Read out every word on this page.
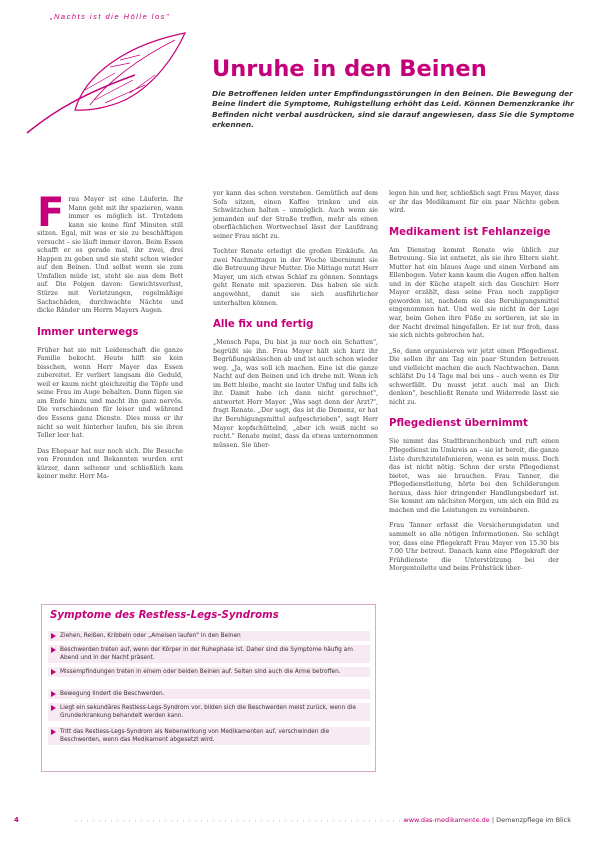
„Nachts ist die Hölle los"
Unruhe in den Beinen
Die Betroffenen leiden unter Empfindungsstörungen in den Beinen. Die Bewegung der Beine lindert die Symptome, Ruhigstellung erhöht das Leid. Können Demenzkranke ihr Befinden nicht verbal ausdrücken, sind sie darauf angewiesen, dass Sie die Symptome erkennen.

Frau Mayer ist eine Läuferin. Ihr Mann geht mit ihr spazieren, wann immer es möglich ist. Trotzdem kann sie keine fünf Minuten still sitzen. Egal, mit was er sie zu beschäftigen versucht – sie läuft immer davon. Beim Essen schafft er es gerade mal, ihr zwei, drei Happen zu geben und sie steht schon wieder auf den Beinen. Und selbst wenn sie zum Umfallen müde ist, steht sie aus dem Bett auf. Die Folgen davon: Gewichtsverlust, Stürze mit Verletzungen, regelmäßige Sachschäden, durchwachte Nächte und dicke Ränder um Herrn Mayers Augen.

Immer unterwegs

Früher hat sie mit Leidenschaft die ganze Familie bekocht. Heute hilft sie kein bisschen, wenn Herr Mayer das Essen zubereitet. Er verliert langsam die Geduld, weil er kaum nicht gleichzeitig die Töpfe und seine Frau im Auge behalten. Dann fügen sie am Ende hinzu und macht ihn ganz nervös. Die verschiedenen für leiser und während des Essens ganz Dienste. Dies muss er ihr nicht so weit hinterher laufen, bis sie ihren Teller leer hat.

Das Ehepaar hat nur noch sich. Die Besuche von Freunden und Bekannten wurden erst kürzer, dann seltener und schließlich kam keiner mehr. Herr Ma-

yer kann das schon verstehen. Gemütlich auf dem Sofa sitzen, einen Kaffee trinken und ein Schwätzchen halten – unmöglich. Auch wenn sie jemanden auf der Straße treffen, mehr als einen oberflächlichen Wortwechsel lässt der Laufdrang seiner Frau nicht zu.

Tochter Renate erledigt die großen Einkäufe. An zwei Nachmittagen in der Woche übernimmt sie die Betreuung ihrer Mutter. Die Mittage nutzt Herr Mayer, um sich etwas Schlaf zu gönnen. Sonntags geht Renate mit spazieren. Das haben sie sich angewöhnt, damit sie sich ausführlicher unterhalten können.

Alle fix und fertig

„Mensch Papa, Du bist ja nur noch ein Schatten", begrüßt sie ihn. Frau Mayer hält sich kurz ihr Begrüßungsküsschen ab und ist auch schon wieder weg. „Ja, was soll ich machen. Eine ist die ganze Nacht auf den Beinen und ich drehe mit. Wenn ich im Bett bleibe, macht sie lauter Unfug und falls ich ihr. Damit habe ich dann nicht gerechnet", antwortet Herr Mayer. „Was sagt denn der Arzt?", fragt Renate. „Der sagt, das ist die Demenz, er hat ihr Beruhigungsmittel aufgeschrieben", sagt Herr Mayer kopfschüttelnd, „aber ich weiß nicht so recht." Renate meint, dass da etwas unternommen müssen. Sie über-

legen hin und her, schließlich sagt Frau Mayer, dass er ihr das Medikament für ein paar Nächte geben wird.

Medikament ist Fehlanzeige

Am Dienstag kommt Renate wie üblich zur Betreuung. Sie ist entsetzt, als sie ihre Eltern sieht. Mutter hat ein blaues Auge und einen Verband am Ellenbogen. Vater kann kaum die Augen offen halten und in der Küche stapelt sich das Geschirr. Herr Mayer erzählt, dass seine Frau noch zappliger geworden ist, nachdem sie das Beruhigungsmittel eingenommen hat. Und weil sie nicht in der Lage war, beim Gehen ihre Füße zu sortieren, ist sie in der Nacht dreimal hingefallen. Er ist nur froh, dass sie sich nichts gebrochen hat.

„So, dann organisieren wir jetzt einen Pflegedienst. Die sollen ihr am Tag ein paar Stunden betreuen und vielleicht machen die auch Nachtwachen. Dann schläfst Du 14 Tage mal bei uns – auch wenn es Dir schwerfällt. Du musst jetzt auch mal an Dich denken", beschließt Renate und Widerrede lässt sie nicht zu.

Pflegedienst übernimmt

Sie nimmt das Stadtbranchenbuch und ruft einen Pflegedienst im Umkreis an – sie ist bereit, die ganze Liste durchzutelefonieren, wenn es sein muss. Doch das ist nicht nötig. Schon der erste Pflegedienst bietet, was sie brauchen. Frau Tanner, die Pflegedienstleitung, hörte bei den Schilderungen heraus, dass hier dringender Handlungsbedarf ist. Sie kommt am nächsten Morgen, um sich ein Bild zu machen und die Leistungen zu vereinbaren.

Frau Tanner erfasst die Versicherungsdaten und sammelt so alle nötigen Informationen. Sie schlägt vor, dass eine Pflegekraft Frau Mayer von 15.30 bis 7.00 Uhr betreut. Danach kann eine Pflegekraft der Frühdienste die Unterstützung bei der Morgentoilette und beim Frühstück über-

Symptome des Restless-Legs-Syndroms
Ziehen, Reißen, Kribbeln oder „Ameisen laufen" in den Beinen
Beschwerden treten auf, wenn der Körper in der Ruhephase ist. Daher sind die Symptome häufig am Abend und in der Nacht präsent.
Missempfindungen treten in einem oder beiden Beinen auf. Selten sind auch die Arme betroffen.
Bewegung lindert die Beschwerden.
Liegt ein sekundäres Restless-Legs-Syndrom vor, bilden sich die Beschwerden meist zurück, wenn die Grunderkrankung behandelt werden kann.
Tritt das Restless-Legs-Syndrom als Nebenwirkung von Medikamenten auf, verschwinden die Beschwerden, wenn das Medikament abgesetzt wird.
4	www.das-medikamente.de | Demenzpflege im Blick
